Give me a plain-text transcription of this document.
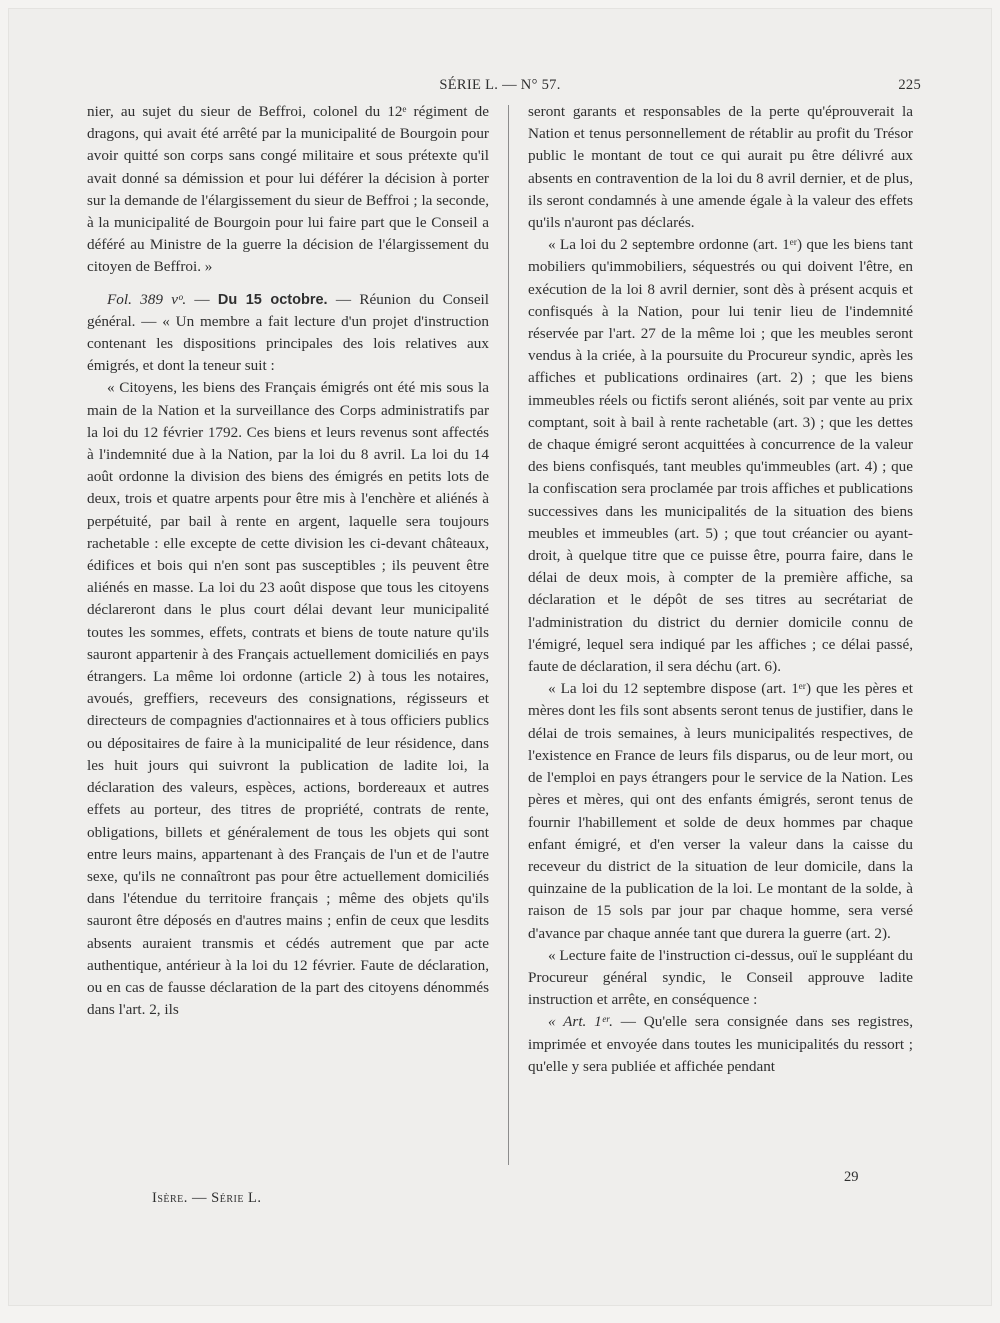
SÉRIE L. — N° 57.	225

nier, au sujet du sieur de Beffroi, colonel du 12ᵉ régiment de dragons, qui avait été arrêté par la municipalité de Bourgoin pour avoir quitté son corps sans congé militaire et sous prétexte qu'il avait donné sa démission et pour lui déférer la décision à porter sur la demande de l'élargissement du sieur de Beffroi ; la seconde, à la municipalité de Bourgoin pour lui faire part que le Conseil a déféré au Ministre de la guerre la décision de l'élargissement du citoyen de Beffroi. »

Fol. 389 vᵒ. — Du 15 octobre. — Réunion du Conseil général. — « Un membre a fait lecture d'un projet d'instruction contenant les dispositions principales des lois relatives aux émigrés, et dont la teneur suit :

« Citoyens, les biens des Français émigrés ont été mis sous la main de la Nation et la surveillance des Corps administratifs par la loi du 12 février 1792. Ces biens et leurs revenus sont affectés à l'indemnité due à la Nation, par la loi du 8 avril. La loi du 14 août ordonne la division des biens des émigrés en petits lots de deux, trois et quatre arpents pour être mis à l'enchère et aliénés à perpétuité, par bail à rente en argent, laquelle sera toujours rachetable : elle excepte de cette division les ci-devant châteaux, édifices et bois qui n'en sont pas susceptibles ; ils peuvent être aliénés en masse. La loi du 23 août dispose que tous les citoyens déclareront dans le plus court délai devant leur municipalité toutes les sommes, effets, contrats et biens de toute nature qu'ils sauront appartenir à des Français actuellement domiciliés en pays étrangers. La même loi ordonne (article 2) à tous les notaires, avoués, greffiers, receveurs des consignations, régisseurs et directeurs de compagnies d'actionnaires et à tous officiers publics ou dépositaires de faire à la municipalité de leur résidence, dans les huit jours qui suivront la publication de ladite loi, la déclaration des valeurs, espèces, actions, bordereaux et autres effets au porteur, des titres de propriété, contrats de rente, obligations, billets et généralement de tous les objets qui sont entre leurs mains, appartenant à des Français de l'un et de l'autre sexe, qu'ils ne connaîtront pas pour être actuellement domiciliés dans l'étendue du territoire français ; même des objets qu'ils sauront être déposés en d'autres mains ; enfin de ceux que lesdits absents auraient transmis et cédés autrement que par acte authentique, antérieur à la loi du 12 février. Faute de déclaration, ou en cas de fausse déclaration de la part des citoyens dénommés dans l'art. 2, ils

seront garants et responsables de la perte qu'éprouverait la Nation et tenus personnellement de rétablir au profit du Trésor public le montant de tout ce qui aurait pu être délivré aux absents en contravention de la loi du 8 avril dernier, et de plus, ils seront condamnés à une amende égale à la valeur des effets qu'ils n'auront pas déclarés.

« La loi du 2 septembre ordonne (art. 1ᵉʳ) que les biens tant mobiliers qu'immobiliers, séquestrés ou qui doivent l'être, en exécution de la loi 8 avril dernier, sont dès à présent acquis et confisqués à la Nation, pour lui tenir lieu de l'indemnité réservée par l'art. 27 de la même loi ; que les meubles seront vendus à la criée, à la poursuite du Procureur syndic, après les affiches et publications ordinaires (art. 2) ; que les biens immeubles réels ou fictifs seront aliénés, soit par vente au prix comptant, soit à bail à rente rachetable (art. 3) ; que les dettes de chaque émigré seront acquittées à concurrence de la valeur des biens confisqués, tant meubles qu'immeubles (art. 4) ; que la confiscation sera proclamée par trois affiches et publications successives dans les municipalités de la situation des biens meubles et immeubles (art. 5) ; que tout créancier ou ayant-droit, à quelque titre que ce puisse être, pourra faire, dans le délai de deux mois, à compter de la première affiche, sa déclaration et le dépôt de ses titres au secrétariat de l'administration du district du dernier domicile connu de l'émigré, lequel sera indiqué par les affiches ; ce délai passé, faute de déclaration, il sera déchu (art. 6).

« La loi du 12 septembre dispose (art. 1ᵉʳ) que les pères et mères dont les fils sont absents seront tenus de justifier, dans le délai de trois semaines, à leurs municipalités respectives, de l'existence en France de leurs fils disparus, ou de leur mort, ou de l'emploi en pays étrangers pour le service de la Nation. Les pères et mères, qui ont des enfants émigrés, seront tenus de fournir l'habillement et solde de deux hommes par chaque enfant émigré, et d'en verser la valeur dans la caisse du receveur du district de la situation de leur domicile, dans la quinzaine de la publication de la loi. Le montant de la solde, à raison de 15 sols par jour par chaque homme, sera versé d'avance par chaque année tant que durera la guerre (art. 2).

« Lecture faite de l'instruction ci-dessus, ouï le suppléant du Procureur général syndic, le Conseil approuve ladite instruction et arrête, en conséquence :

« Art. 1ᵉʳ. — Qu'elle sera consignée dans ses registres, imprimée et envoyée dans toutes les municipalités du ressort ; qu'elle y sera publiée et affichée pendant

Isère. — Série L.
29
